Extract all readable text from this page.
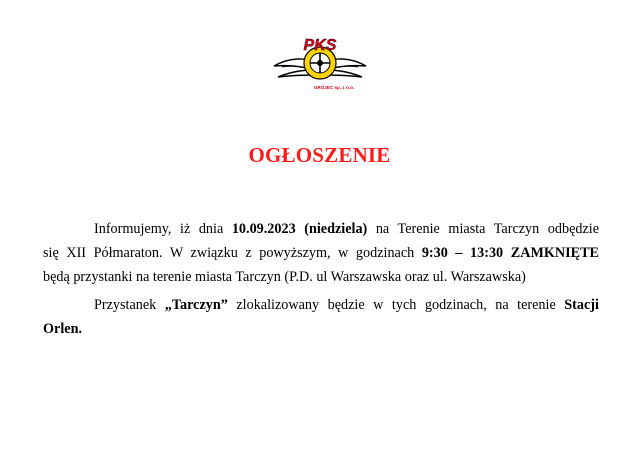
PKS
GRÓJEC sp. z o.o.
OGŁOSZENIE
Informujemy, iż dnia 10.09.2023 (niedziela) na Terenie miasta Tarczyn odbędzie
się XII Półmaraton. W związku z powyższym, w godzinach 9:30 – 13:30 ZAMKNIĘTE
będą przystanki na terenie miasta Tarczyn (P.D. ul Warszawska oraz ul. Warszawska)
Przystanek „Tarczyn” zlokalizowany będzie w tych godzinach, na terenie Stacji
Orlen.
